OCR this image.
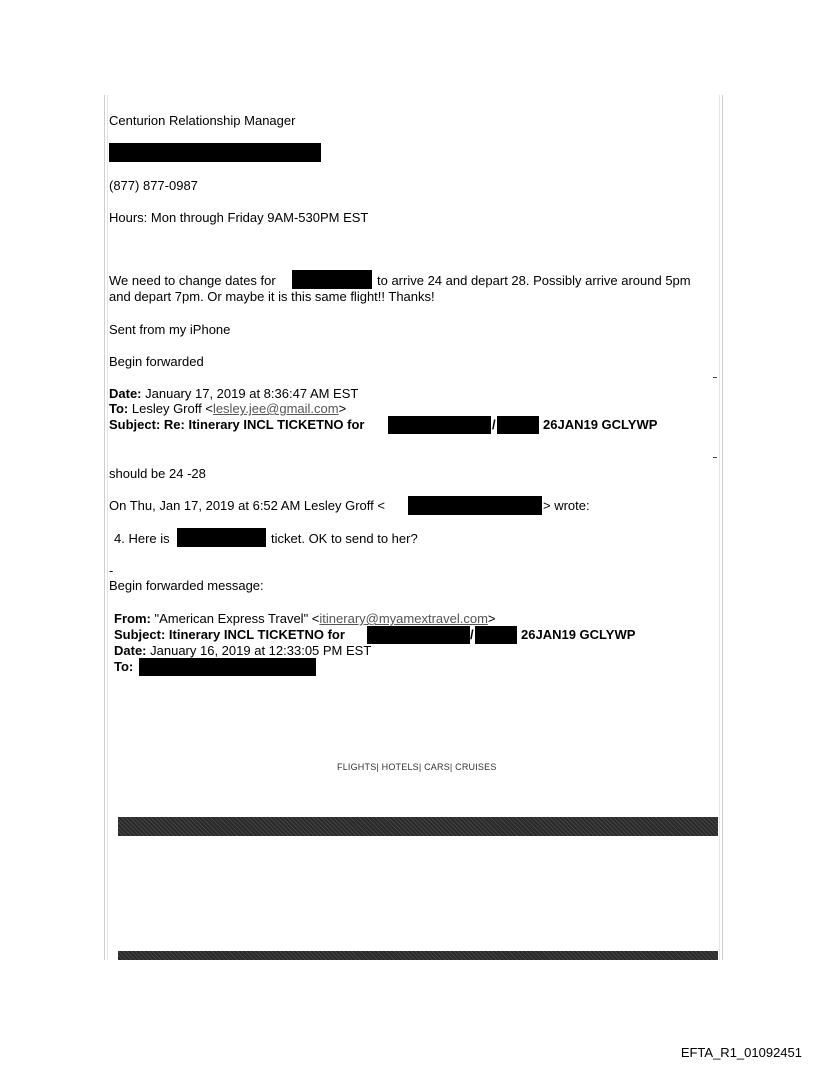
Centurion Relationship Manager
(877) 877-0987
Hours: Mon through Friday 9AM-530PM EST
We need to change dates for	to arrive 24 and depart 28. Possibly arrive around 5pm
and depart 7pm. Or maybe it is this same flight!! Thanks!
Sent from my iPhone
Begin forwarded
Date: January 17, 2019 at 8:36:47 AM EST
To: Lesley Groff <lesley.jee@gmail.com>
Subject: Re: Itinerary INCL TICKETNO for	/	26JAN19 GCLYWP
should be 24 -28
On Thu, Jan 17, 2019 at 6:52 AM Lesley Groff <	> wrote:
4. Here is	ticket. OK to send to her?
-
Begin forwarded message:
From: "American Express Travel" <itinerary@myamextravel.com>
Subject: Itinerary INCL TICKETNO for	/	26JAN19 GCLYWP
Date: January 16, 2019 at 12:33:05 PM EST
To:
FLIGHTS| HOTELS| CARS| CRUISES
EFTA_R1_01092451
